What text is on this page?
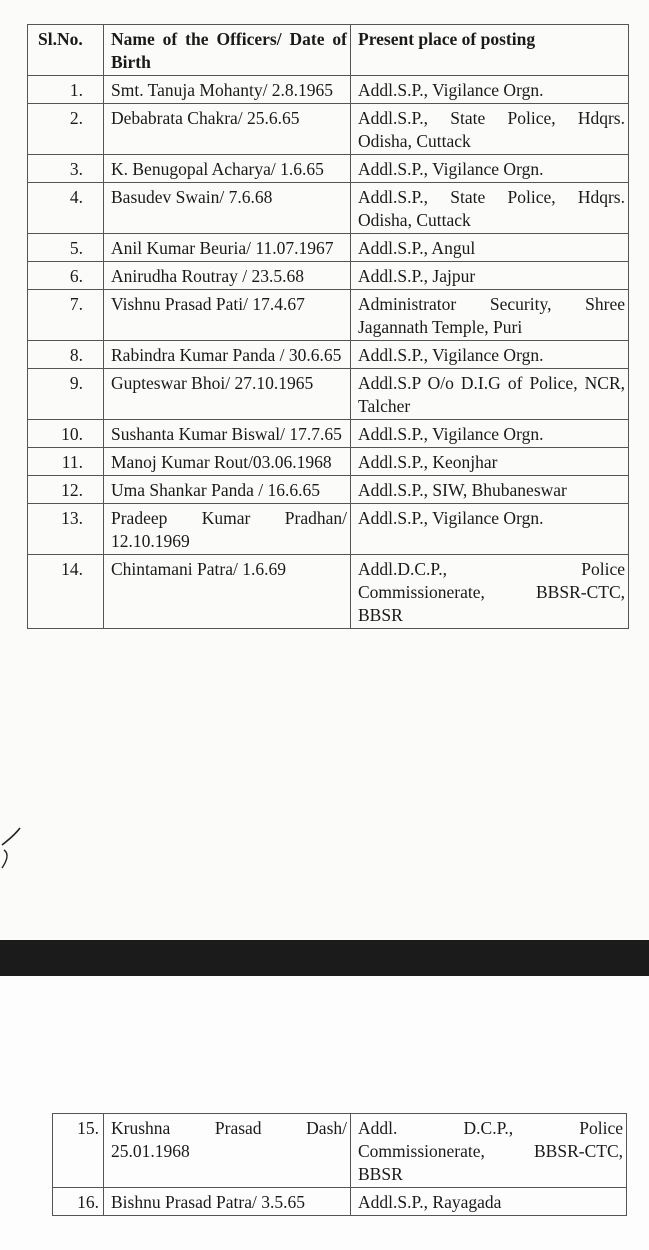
Sl.No.	Name of the Officers/ Date of Birth	Present place of posting
1.	Smt. Tanuja Mohanty/ 2.8.1965	Addl.S.P., Vigilance Orgn.
2.	Debabrata Chakra/ 25.6.65	Addl.S.P., State Police, Hdqrs. Odisha, Cuttack
3.	K. Benugopal Acharya/ 1.6.65	Addl.S.P., Vigilance Orgn.
4.	Basudev Swain/ 7.6.68	Addl.S.P., State Police, Hdqrs. Odisha, Cuttack
5.	Anil Kumar Beuria/ 11.07.1967	Addl.S.P., Angul
6.	Anirudha Routray / 23.5.68	Addl.S.P., Jajpur
7.	Vishnu Prasad Pati/ 17.4.67	Administrator Security, Shree Jagannath Temple, Puri
8.	Rabindra Kumar Panda / 30.6.65	Addl.S.P., Vigilance Orgn.
9.	Gupteswar Bhoi/ 27.10.1965	Addl.S.P O/o D.I.G of Police, NCR, Talcher
10.	Sushanta Kumar Biswal/ 17.7.65	Addl.S.P., Vigilance Orgn.
11.	Manoj Kumar Rout/03.06.1968	Addl.S.P., Keonjhar
12.	Uma Shankar Panda / 16.6.65	Addl.S.P., SIW, Bhubaneswar
13.	Pradeep Kumar Pradhan/ 12.10.1969	Addl.S.P., Vigilance Orgn.
14.	Chintamani Patra/ 1.6.69	Addl.D.C.P., Police Commissionerate, BBSR-CTC, BBSR
15.	Krushna Prasad Dash/ 25.01.1968	Addl. D.C.P., Police Commissionerate, BBSR-CTC, BBSR
16.	Bishnu Prasad Patra/ 3.5.65	Addl.S.P., Rayagada
